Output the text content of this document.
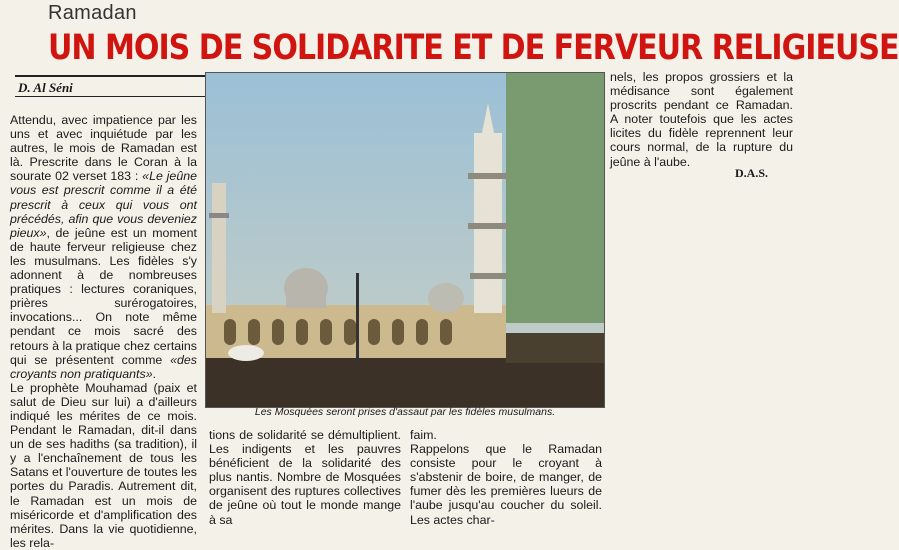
Ramadan
UN MOIS DE SOLIDARITE ET DE FERVEUR RELIGIEUSE
D. Al Séni

Attendu, avec impatience par les uns et avec inquiétude par les autres, le mois de Ramadan est là. Prescrite dans le Coran à la sourate 02 verset 183 : «Le jeûne vous est prescrit comme il a été prescrit à ceux qui vous ont précédés, afin que vous deveniez pieux», de jeûne est un moment de haute ferveur religieuse chez les musulmans. Les fidèles s'y adonnent à de nombreuses pratiques : lectures coraniques, prières surérogatoires, invocations... On note même pendant ce mois sacré des retours à la pratique chez certains qui se présentent comme «des croyants non pratiquants».

Le prophète Mouhamad (paix et salut de Dieu sur lui) a d'ailleurs indiqué les mérites de ce mois. Pendant le Ramadan, dit-il dans un de ses hadiths (sa tradition), il y a l'enchaînement de tous les Satans et l'ouverture de toutes les portes du Paradis. Autrement dit, le Ramadan est un mois de miséricorde et d'amplification des mérites. Dans la vie quotidienne, les rela-

Les Mosquées seront prises d'assaut par les fidèles musulmans.
tions de solidarité se démultiplient. Les indigents et les pauvres bénéficient de la solidarité des plus nantis. Nombre de Mosquées organisent des ruptures collectives de jeûne où tout le monde mange à sa

faim.

Rappelons que le Ramadan consiste pour le croyant à s'abstenir de boire, de manger, de fumer dès les premières lueurs de l'aube jusqu'au coucher du soleil. Les actes char-

nels, les propos grossiers et la médisance sont également proscrits pendant ce Ramadan. A noter toutefois que les actes licites du fidèle reprennent leur cours normal, de la rupture du jeûne à l'aube.
D.A.S.
